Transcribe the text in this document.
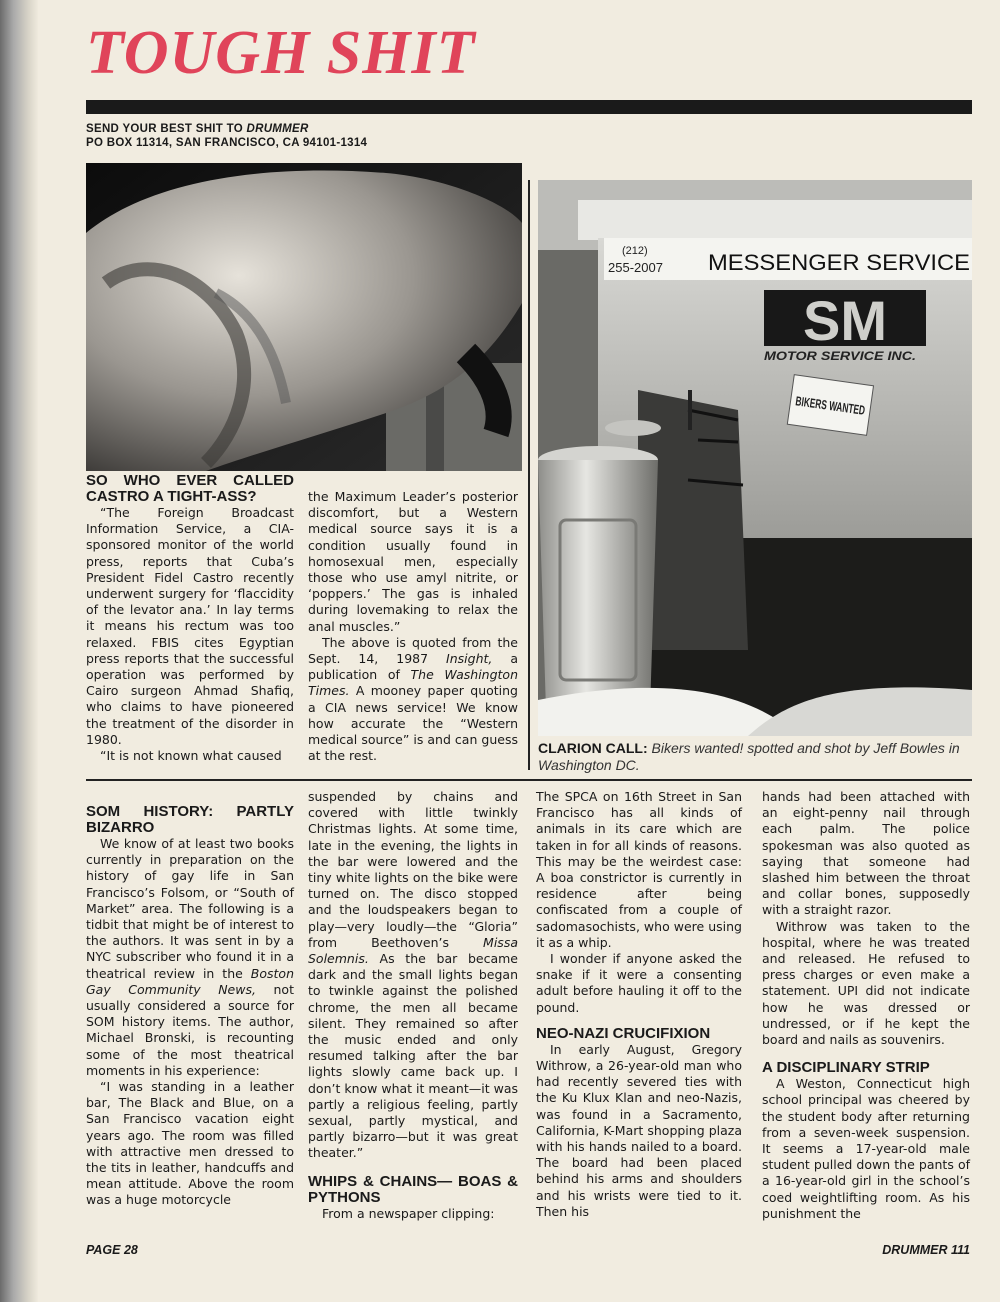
TOUGH SHIT
SEND YOUR BEST SHIT TO DRUMMER
PO BOX 11314, SAN FRANCISCO, CA 94101-1314
(212)
255-2007 MESSENGER SERVICE
SM
MOTOR SERVICE INC.
BIKERS WANTED
CLARION CALL: Bikers wanted! spotted and shot by Jeff Bowles in Washington DC.
SO WHO EVER CALLED CASTRO A TIGHT-ASS?

“The Foreign Broadcast Information Service, a CIA-sponsored monitor of the world press, reports that Cuba’s President Fidel Castro recently underwent surgery for ‘flaccidity of the levator ana.’ In lay terms it means his rectum was too relaxed. FBIS cites Egyptian press reports that the successful operation was performed by Cairo surgeon Ahmad Shafiq, who claims to have pioneered the treatment of the disorder in 1980.

“It is not known what caused

the Maximum Leader’s posterior discomfort, but a Western medical source says it is a condition usually found in homosexual men, especially those who use amyl nitrite, or ‘poppers.’ The gas is inhaled during lovemaking to relax the anal muscles.”

The above is quoted from the Sept. 14, 1987 Insight, a publication of The Washington Times. A mooney paper quoting a CIA news service! We know how accurate the “Western medical source” is and can guess at the rest.

SOM HISTORY: PARTLY BIZARRO

We know of at least two books currently in preparation on the history of gay life in San Francisco’s Folsom, or “South of Market” area. The following is a tidbit that might be of interest to the authors. It was sent in by a NYC subscriber who found it in a theatrical review in the Boston Gay Community News, not usually considered a source for SOM history items. The author, Michael Bronski, is recounting some of the most theatrical moments in his experience:

“I was standing in a leather bar, The Black and Blue, on a San Francisco vacation eight years ago. The room was filled with attractive men dressed to the tits in leather, handcuffs and mean attitude. Above the room was a huge motorcycle

suspended by chains and covered with little twinkly Christmas lights. At some time, late in the evening, the lights in the bar were lowered and the tiny white lights on the bike were turned on. The disco stopped and the loudspeakers began to play—very loudly—the “Gloria” from Beethoven’s Missa Solemnis. As the bar became dark and the small lights began to twinkle against the polished chrome, the men all became silent. They remained so after the music ended and only resumed talking after the bar lights slowly came back up. I don’t know what it meant—it was partly a religious feeling, partly sexual, partly mystical, and partly bizarro—but it was great theater.”

WHIPS & CHAINS— BOAS & PYTHONS

From a newspaper clipping:

The SPCA on 16th Street in San Francisco has all kinds of animals in its care which are taken in for all kinds of reasons. This may be the weirdest case: A boa constrictor is currently in residence after being confiscated from a couple of sadomasochists, who were using it as a whip.

I wonder if anyone asked the snake if it were a consenting adult before hauling it off to the pound.

NEO-NAZI CRUCIFIXION

In early August, Gregory Withrow, a 26-year-old man who had recently severed ties with the Ku Klux Klan and neo-Nazis, was found in a Sacramento, California, K-Mart shopping plaza with his hands nailed to a board. The board had been placed behind his arms and shoulders and his wrists were tied to it. Then his

hands had been attached with an eight-penny nail through each palm. The police spokesman was also quoted as saying that someone had slashed him between the throat and collar bones, supposedly with a straight razor.

Withrow was taken to the hospital, where he was treated and released. He refused to press charges or even make a statement. UPI did not indicate how he was dressed or undressed, or if he kept the board and nails as souvenirs.

A DISCIPLINARY STRIP

A Weston, Connecticut high school principal was cheered by the student body after returning from a seven-week suspension. It seems a 17-year-old male student pulled down the pants of a 16-year-old girl in the school’s coed weightlifting room. As his punishment the

PAGE 28	DRUMMER 111
